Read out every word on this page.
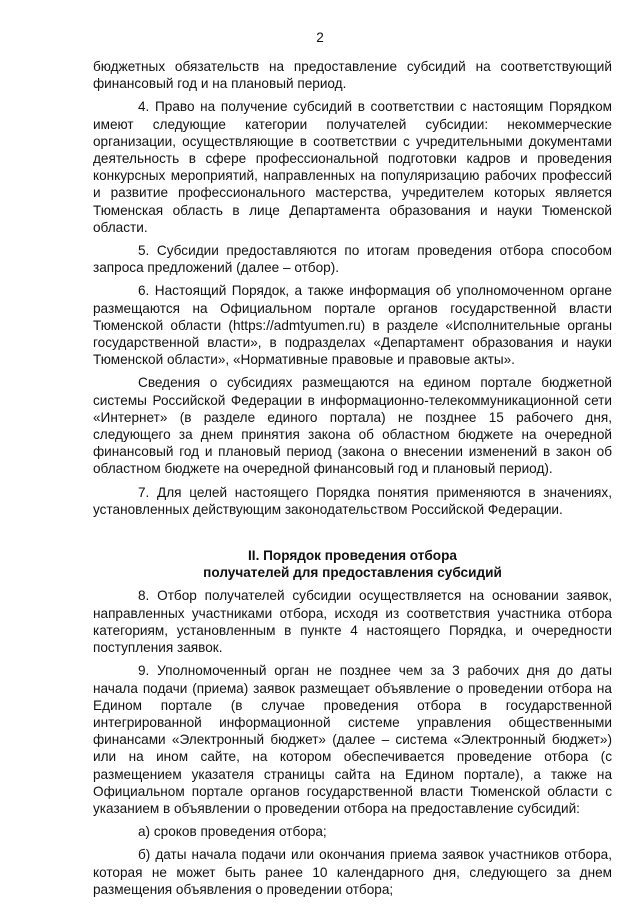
2

бюджетных обязательств на предоставление субсидий на соответствующий финансовый год и на плановый период.

4. Право на получение субсидий в соответствии с настоящим Порядком имеют следующие категории получателей субсидии: некоммерческие организации, осуществляющие в соответствии с учредительными документами деятельность в сфере профессиональной подготовки кадров и проведения конкурсных мероприятий, направленных на популяризацию рабочих профессий и развитие профессионального мастерства, учредителем которых является Тюменская область в лице Департамента образования и науки Тюменской области.

5. Субсидии предоставляются по итогам проведения отбора способом запроса предложений (далее – отбор).

6. Настоящий Порядок, а также информация об уполномоченном органе размещаются на Официальном портале органов государственной власти Тюменской области (https://admtyumen.ru) в разделе «Исполнительные органы государственной власти», в подразделах «Департамент образования и науки Тюменской области», «Нормативные правовые и правовые акты».

Сведения о субсидиях размещаются на едином портале бюджетной системы Российской Федерации в информационно-телекоммуникационной сети «Интернет» (в разделе единого портала) не позднее 15 рабочего дня, следующего за днем принятия закона об областном бюджете на очередной финансовый год и плановый период (закона о внесении изменений в закон об областном бюджете на очередной финансовый год и плановый период).

7. Для целей настоящего Порядка понятия применяются в значениях, установленных действующим законодательством Российской Федерации.

II. Порядок проведения отбора
получателей для предоставления субсидий

8. Отбор получателей субсидии осуществляется на основании заявок, направленных участниками отбора, исходя из соответствия участника отбора категориям, установленным в пункте 4 настоящего Порядка, и очередности поступления заявок.

9. Уполномоченный орган не позднее чем за 3 рабочих дня до даты начала подачи (приема) заявок размещает объявление о проведении отбора на Едином портале (в случае проведения отбора в государственной интегрированной информационной системе управления общественными финансами «Электронный бюджет» (далее – система «Электронный бюджет») или на ином сайте, на котором обеспечивается проведение отбора (с размещением указателя страницы сайта на Едином портале), а также на Официальном портале органов государственной власти Тюменской области с указанием в объявлении о проведении отбора на предоставление субсидий:

а) сроков проведения отбора;

б) даты начала подачи или окончания приема заявок участников отбора, которая не может быть ранее 10 календарного дня, следующего за днем размещения объявления о проведении отбора;
